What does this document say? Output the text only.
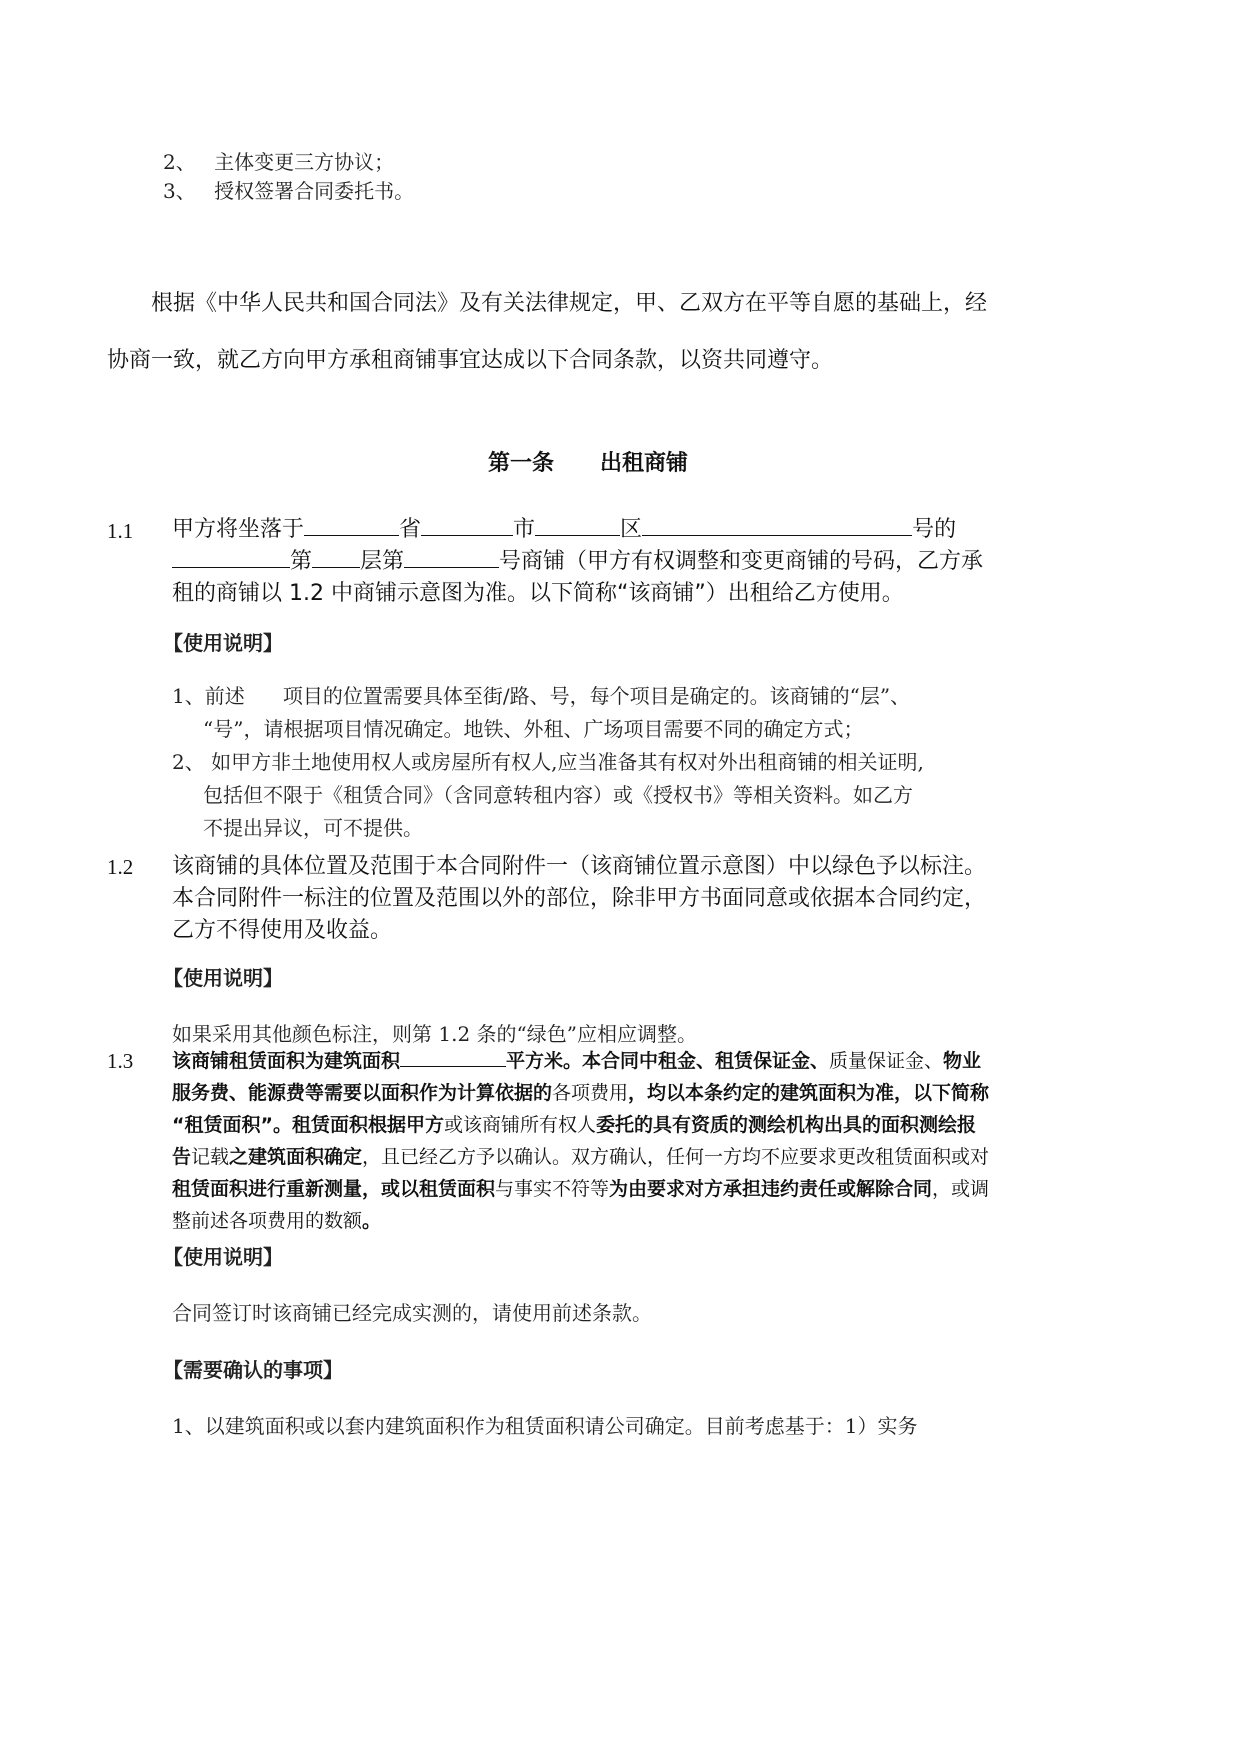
2、 主体变更三方协议；
3、 授权签署合同委托书。
根据《中华人民共和国合同法》及有关法律规定，甲、乙双方在平等自愿的基础上，经
协商一致，就乙方向甲方承租商铺事宜达成以下合同条款，以资共同遵守。
第一条      出租商铺
1.1 甲方将坐落于	省	市	区	号的
第 层第	号商铺（甲方有权调整和变更商铺的号码，乙方承
租的商铺以 1.2 中商铺示意图为准。以下简称“该商铺”）出租给乙方使用。
【使用说明】
1、前述      项目的位置需要具体至街/路、号，每个项目是确定的。该商铺的“层”、
“号”，请根据项目情况确定。地铁、外租、广场项目需要不同的确定方式；
2、 如甲方非土地使用权人或房屋所有权人,应当准备其有权对外出租商铺的相关证明,
包括但不限于《租赁合同》（含同意转租内容）或《授权书》等相关资料。如乙方
不提出异议，可不提供。
1.2 该商铺的具体位置及范围于本合同附件一（该商铺位置示意图）中以绿色予以标注。
本合同附件一标注的位置及范围以外的部位，除非甲方书面同意或依据本合同约定，
乙方不得使用及收益。
【使用说明】
如果采用其他颜色标注，则第 1.2 条的“绿色”应相应调整。
1.3 该商铺租赁面积为建筑面积	平方米。本合同中租金、租赁保证金、质量保证金、物业
服务费、能源费等需要以面积作为计算依据的各项费用，均以本条约定的建筑面积为准，以下简称
“租赁面积”。租赁面积根据甲方或该商铺所有权人委托的具有资质的测绘机构出具的面积测绘报
告记载之建筑面积确定，且已经乙方予以确认。双方确认，任何一方均不应要求更改租赁面积或对
租赁面积进行重新测量，或以租赁面积与事实不符等为由要求对方承担违约责任或解除合同，或调
整前述各项费用的数额。
【使用说明】
合同签订时该商铺已经完成实测的，请使用前述条款。
【需要确认的事项】
1、以建筑面积或以套内建筑面积作为租赁面积请公司确定。目前考虑基于：1）实务
